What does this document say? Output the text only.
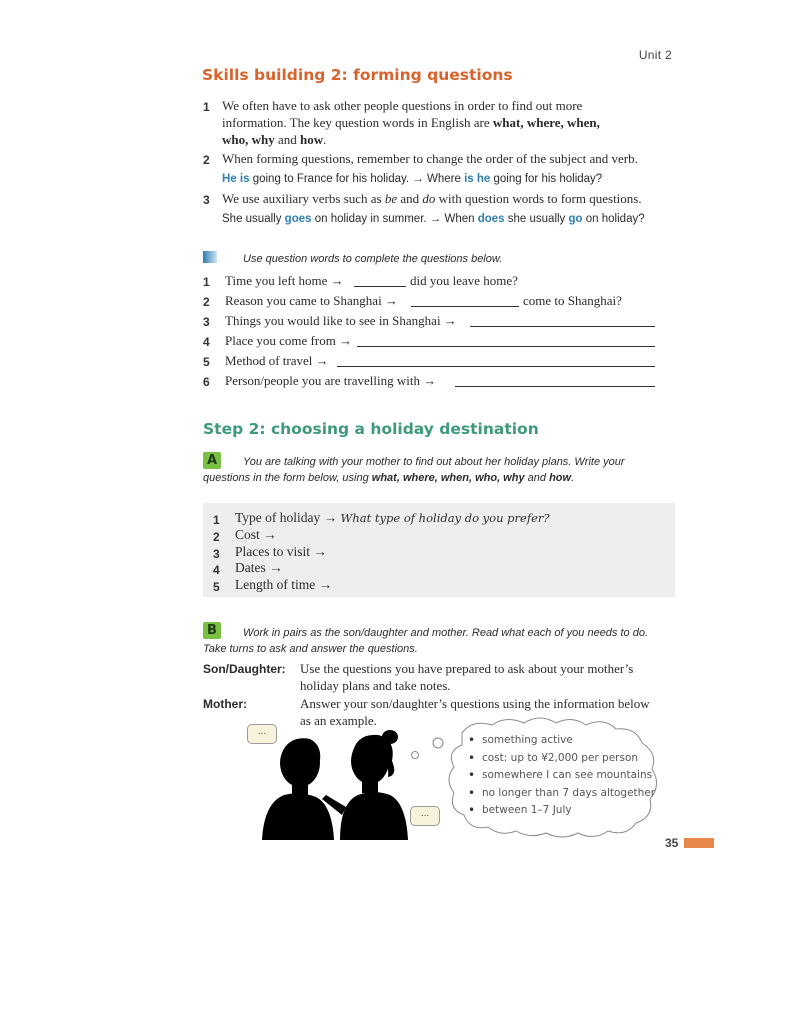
Unit 2
Skills building 2: forming questions
1 We often have to ask other people questions in order to find out more
information. The key question words in English are what, where, when,
who, why and how.
2 When forming questions, remember to change the order of the subject and verb.
He is going to France for his holiday. → Where is he going for his holiday?
3 We use auxiliary verbs such as be and do with question words to form questions.
She usually goes on holiday in summer. → When does she usually go on holiday?
Use question words to complete the questions below.
1 Time you left home →	did you leave home?
2 Reason you came to Shanghai →	come to Shanghai?
3 Things you would like to see in Shanghai →
4 Place you come from →
5 Method of travel →
6 Person/people you are travelling with →
Step 2: choosing a holiday destination
A	You are talking with your mother to find out about her holiday plans. Write your
questions in the form below, using what, where, when, who, why and how.
1 Type of holiday → What type of holiday do you prefer?
2 Cost →
3 Places to visit →
4 Dates →
5 Length of time →
B	Work in pairs as the son/daughter and mother. Read what each of you needs to do.
Take turns to ask and answer the questions.
Son/Daughter: Use the questions you have prepared to ask about your mother’s
holiday plans and take notes.
Mother:	Answer your son/daughter’s questions using the information below
as an example.
...
...
• something active
• cost: up to ¥2,000 per person
• somewhere I can see mountains
• no longer than 7 days altogether
• between 1–7 July
35
